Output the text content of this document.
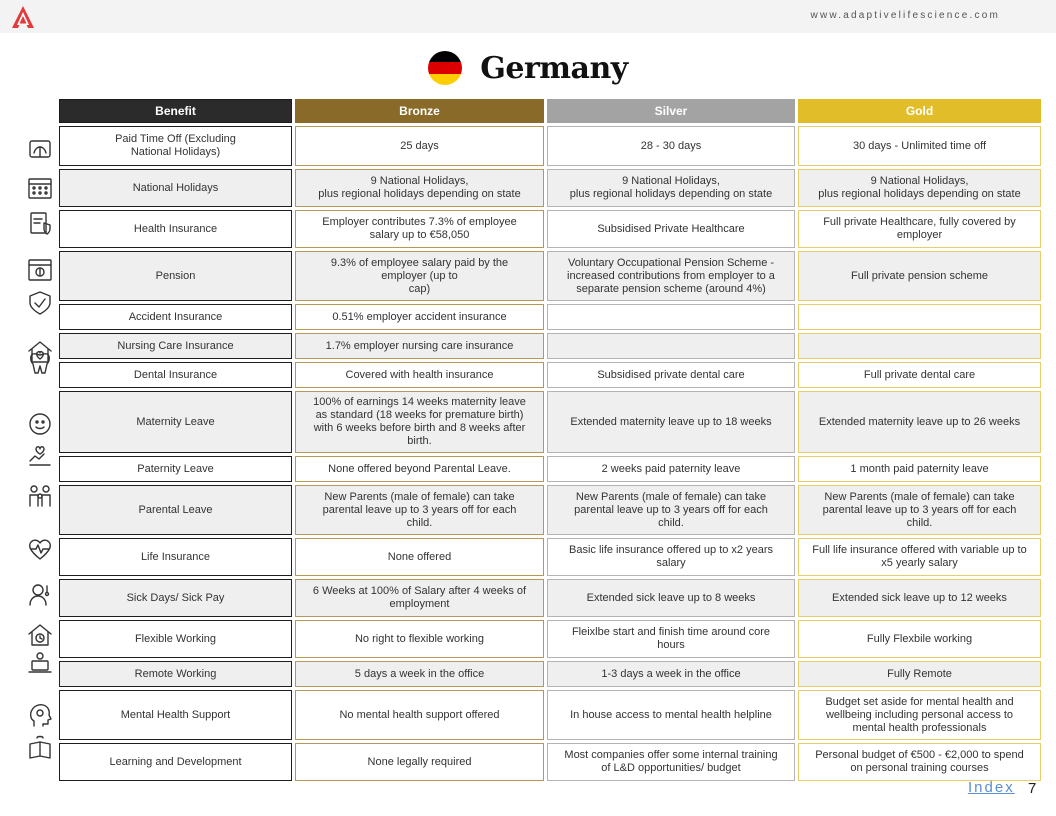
www.adaptivelifescience.com
Germany
Benefit	Bronze	Silver	Gold
Paid Time Off (Excluding
National Holidays)	25 days	28 - 30 days	30 days - Unlimited time off
National Holidays	9 National Holidays,
plus regional holidays depending on state	9 National Holidays,
plus regional holidays depending on state	9 National Holidays,
plus regional holidays depending on state
Health Insurance	Employer contributes 7.3% of employee
salary up to €58,050	Subsidised Private Healthcare	Full private Healthcare, fully covered by
employer
Pension	9.3% of employee salary paid by the
employer (up to
cap)	Voluntary Occupational Pension Scheme -
increased contributions from employer to a
separate pension scheme (around 4%)	Full private pension scheme
Accident Insurance	0.51% employer accident insurance		
Nursing Care Insurance	1.7% employer nursing care insurance		
Dental Insurance	Covered with health insurance	Subsidised private dental care	Full private dental care
Maternity Leave	100% of earnings 14 weeks maternity leave
as standard (18 weeks for premature birth)
with 6 weeks before birth and 8 weeks after
birth.	Extended maternity leave up to 18 weeks	Extended maternity leave up to 26 weeks
Paternity Leave	None offered beyond Parental Leave.	2 weeks paid paternity leave	1 month paid paternity leave
Parental Leave	New Parents (male of female) can take
parental leave up to 3 years off for each
child.	New Parents (male of female) can take
parental leave up to 3 years off for each
child.	New Parents (male of female) can take
parental leave up to 3 years off for each
child.
Life Insurance	None offered	Basic life insurance offered up to x2 years
salary	Full life insurance offered with variable up to
x5 yearly salary
Sick Days/ Sick Pay	6 Weeks at 100% of Salary after 4 weeks of
employment	Extended sick leave up to 8 weeks	Extended sick leave up to 12 weeks
Flexible Working	No right to flexible working	Fleixlbe start and finish time around core
hours	Fully Flexbile working
Remote Working	5 days a week in the office	1-3 days a week in the office	Fully Remote
Mental Health Support	No mental health support offered	In house access to mental health helpline	Budget set aside for mental health and
wellbeing including personal access to
mental health professionals
Learning and Development	None legally required	Most companies offer some internal training
of L&D opportunities/ budget	Personal budget of €500 - €2,000 to spend
on personal training courses
Index 7
